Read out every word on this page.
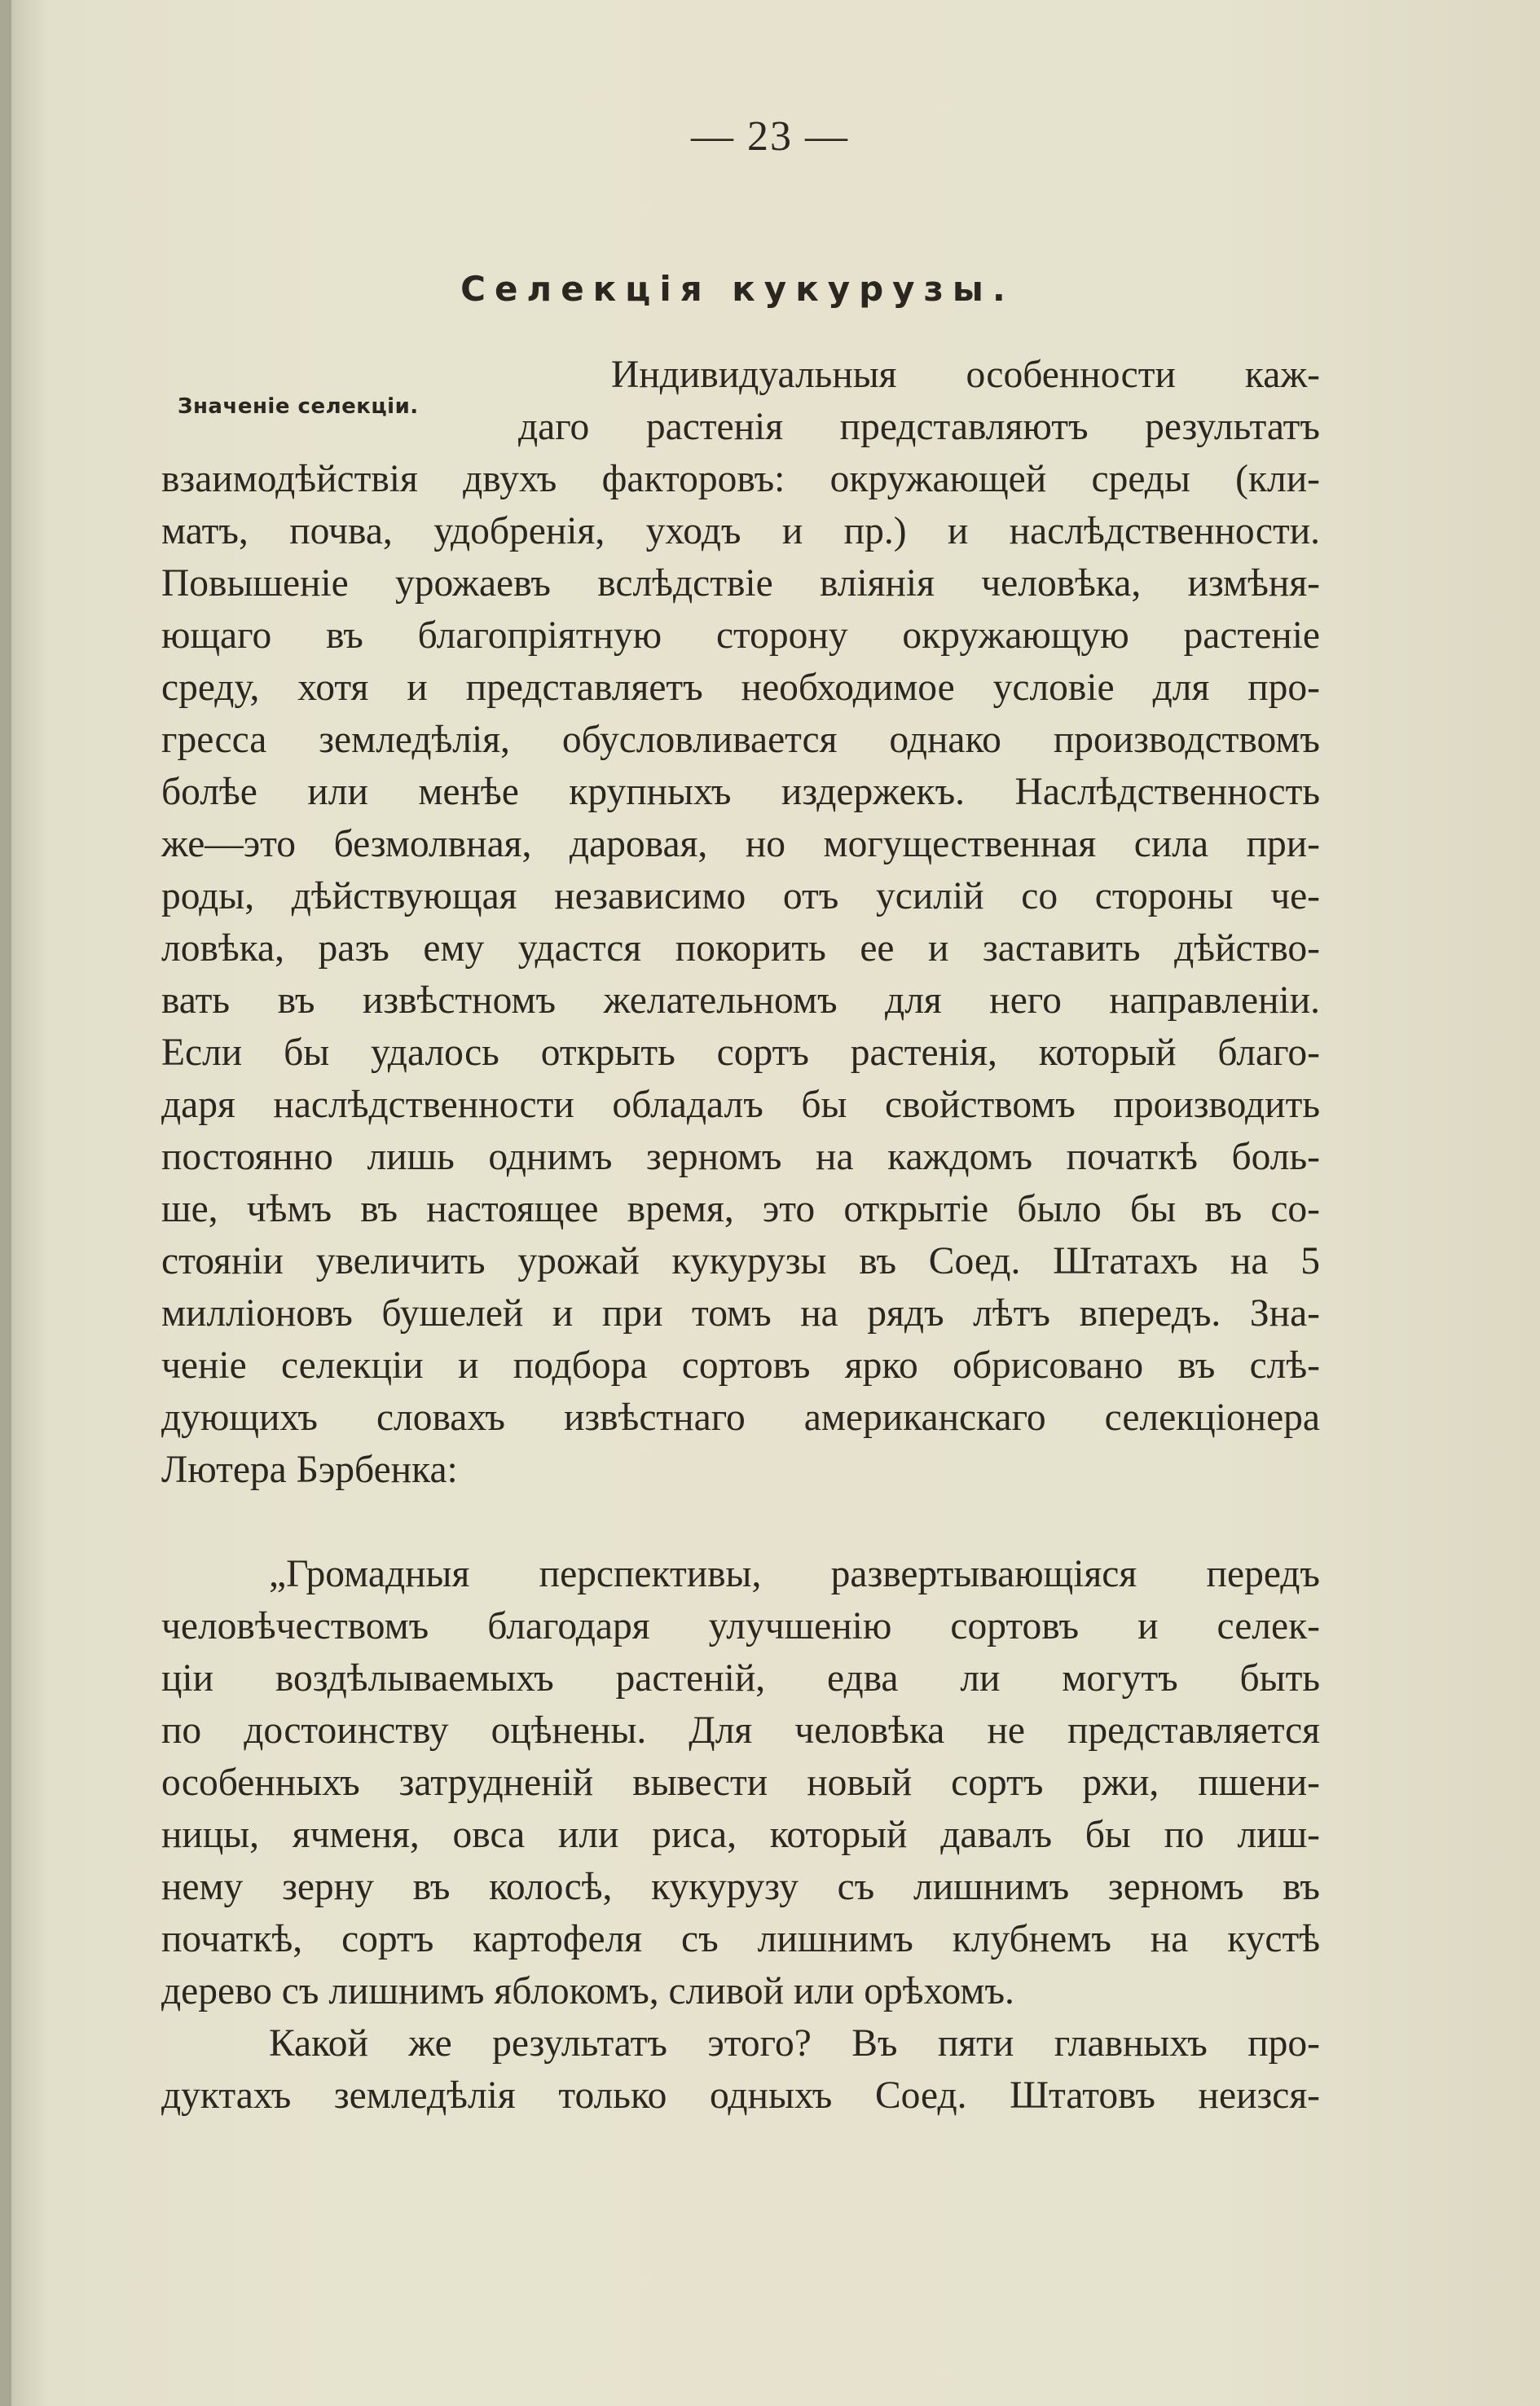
— 23 —

Селекція кукурузы.

Значеніе селекціи.

Индивидуальныя особенности каж-
даго растенія представляютъ результатъ
взаимодѣйствія двухъ факторовъ: окружающей среды (кли-
матъ, почва, удобренія, уходъ и пр.) и наслѣдственности.
Повышеніе урожаевъ вслѣдствіе вліянія человѣка, измѣня-
ющаго въ благопріятную сторону окружающую растеніе
среду, хотя и представляетъ необходимое условіе для про-
гресса земледѣлія, обусловливается однако производствомъ
болѣе или менѣе крупныхъ издержекъ. Наслѣдственность
же—это безмолвная, даровая, но могущественная сила при-
роды, дѣйствующая независимо отъ усилій со стороны че-
ловѣка, разъ ему удастся покорить ее и заставить дѣйство-
вать въ извѣстномъ желательномъ для него направленіи.
Если бы удалось открыть сортъ растенія, который благо-
даря наслѣдственности обладалъ бы свойствомъ производить
постоянно лишь однимъ зерномъ на каждомъ початкѣ боль-
ше, чѣмъ въ настоящее время, это открытіе было бы въ со-
стояніи увеличить урожай кукурузы въ Соед. Штатахъ на 5
милліоновъ бушелей и при томъ на рядъ лѣтъ впередъ. Зна-
ченіе селекціи и подбора сортовъ ярко обрисовано въ слѣ-
дующихъ словахъ извѣстнаго американскаго селекціонера
Лютера Бэрбенка:
„Громадныя перспективы, развертывающіяся передъ
человѣчествомъ благодаря улучшенію сортовъ и селек-
ціи воздѣлываемыхъ растеній, едва ли могутъ быть
по достоинству оцѣнены. Для человѣка не представляется
особенныхъ затрудненій вывести новый сортъ ржи, пшени-
ницы, ячменя, овса или риса, который давалъ бы по лиш-
нему зерну въ колосѣ, кукурузу съ лишнимъ зерномъ въ
початкѣ, сортъ картофеля съ лишнимъ клубнемъ на кустѣ
дерево съ лишнимъ яблокомъ, сливой или орѣхомъ.
Какой же результатъ этого? Въ пяти главныхъ про-
дуктахъ земледѣлія только одныхъ Соед. Штатовъ неизся-
